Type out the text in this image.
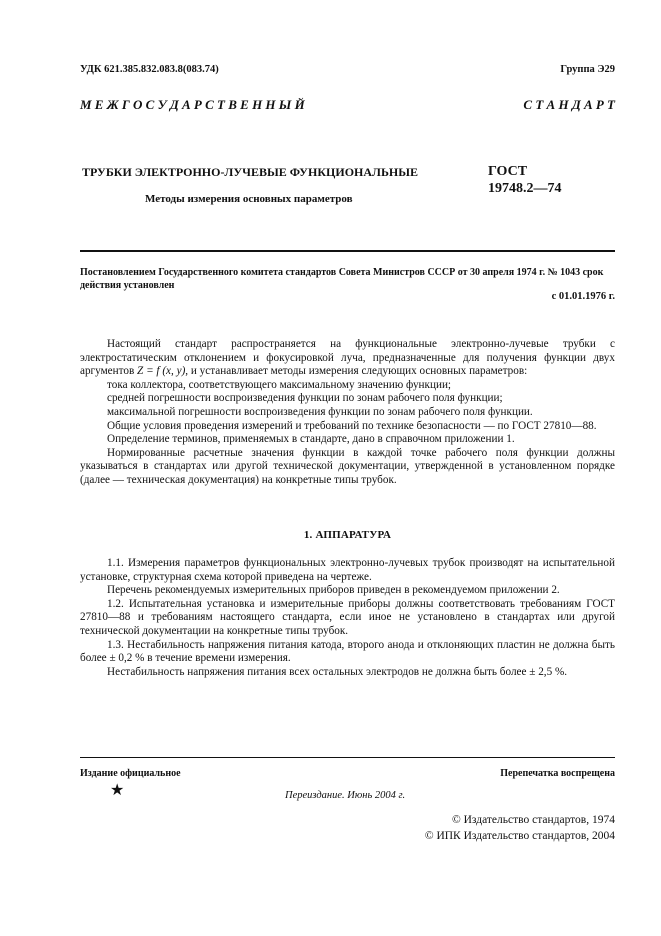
УДК 621.385.832.083.8(083.74)	Группа Э29
М Е Ж Г О С У Д А Р С Т В Е Н Н Ы Й	С Т А Н Д А Р Т
ТРУБКИ ЭЛЕКТРОННО-ЛУЧЕВЫЕ ФУНКЦИОНАЛЬНЫЕ
Методы измерения основных параметров
ГОСТ
19748.2—74
Постановлением Государственного комитета стандартов Совета Министров СССР от 30 апреля 1974 г. № 1043 срок действия установлен
с 01.01.1976 г.

Настоящий стандарт распространяется на функциональные электронно-лучевые трубки с электростатическим отклонением и фокусировкой луча, предназначенные для получения функции двух аргументов Z = f (x, y), и устанавливает методы измерения следующих основных параметров:

тока коллектора, соответствующего максимальному значению функции;

средней погрешности воспроизведения функции по зонам рабочего поля функции;

максимальной погрешности воспроизведения функции по зонам рабочего поля функции.

Общие условия проведения измерений и требований по технике безопасности — по ГОСТ 27810—88.

Определение терминов, применяемых в стандарте, дано в справочном приложении 1.

Нормированные расчетные значения функции в каждой точке рабочего поля функции должны указываться в стандартах или другой технической документации, утвержденной в установленном порядке (далее — техническая документация) на конкретные типы трубок.

1. АППАРАТУРА

1.1. Измерения параметров функциональных электронно-лучевых трубок производят на испытательной установке, структурная схема которой приведена на чертеже.

Перечень рекомендуемых измерительных приборов приведен в рекомендуемом приложении 2.

1.2. Испытательная установка и измерительные приборы должны соответствовать требованиям ГОСТ 27810—88 и требованиям настоящего стандарта, если иное не установлено в стандартах или другой технической документации на конкретные типы трубок.

1.3. Нестабильность напряжения питания катода, второго анода и отклоняющих пластин не должна быть более ± 0,2 % в течение времени измерения.

Нестабильность напряжения питания всех остальных электродов не должна быть более ± 2,5 %.

Издание официальное	Перепечатка воспрещена
★	Переиздание. Июнь 2004 г.
© Издательство стандартов, 1974
© ИПК Издательство стандартов, 2004
